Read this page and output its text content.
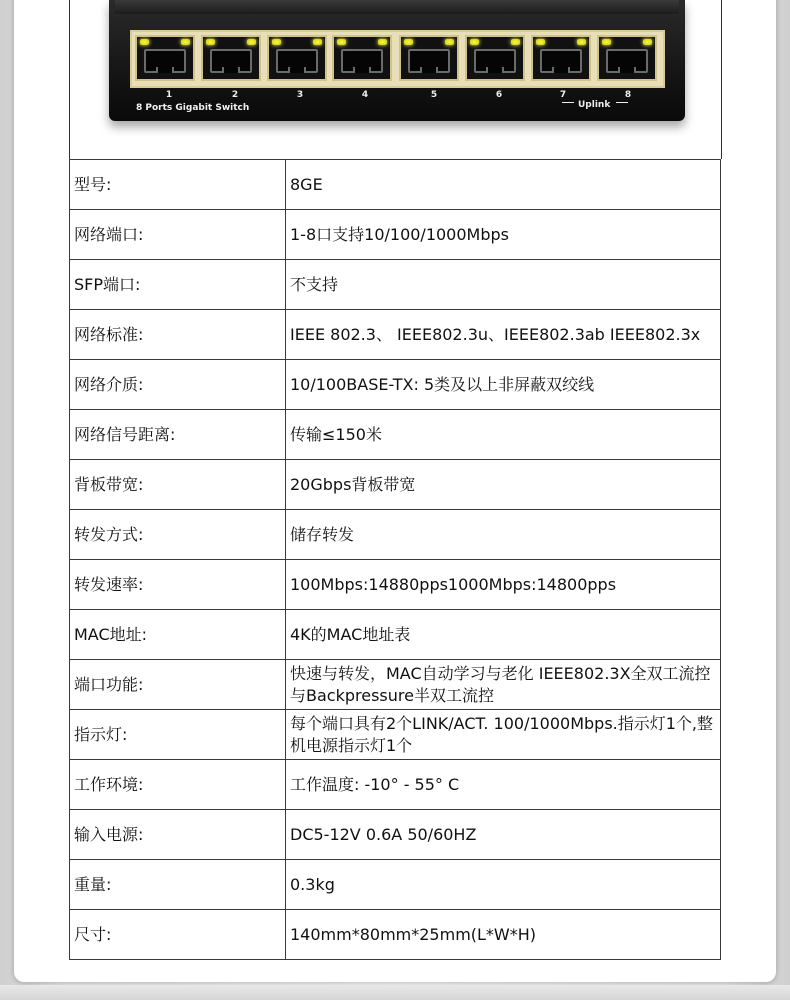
1	2	3	4	5	6	7	8
Uplink
8 Ports Gigabit Switch
型号:	8GE
网络端口:	1-8口支持10/100/1000Mbps
SFP端口:	不支持
网络标准:	IEEE 802.3、 IEEE802.3u、IEEE802.3ab IEEE802.3x
网络介质:	10/100BASE-TX: 5类及以上非屏蔽双绞线
网络信号距离:	传输≤150米
背板带宽:	20Gbps背板带宽
转发方式:	储存转发
转发速率:	100Mbps:14880pps1000Mbps:14800pps
MAC地址:	4K的MAC地址表
端口功能:	快速与转发，MAC自动学习与老化 IEEE802.3X全双工流控与Backpressure半双工流控
指示灯:	每个端口具有2个LINK/ACT. 100/1000Mbps.指示灯1个,整机电源指示灯1个
工作环境:	工作温度: -10° - 55° C
输入电源:	DC5-12V 0.6A 50/60HZ
重量:	0.3kg
尺寸:	140mm*80mm*25mm(L*W*H)
